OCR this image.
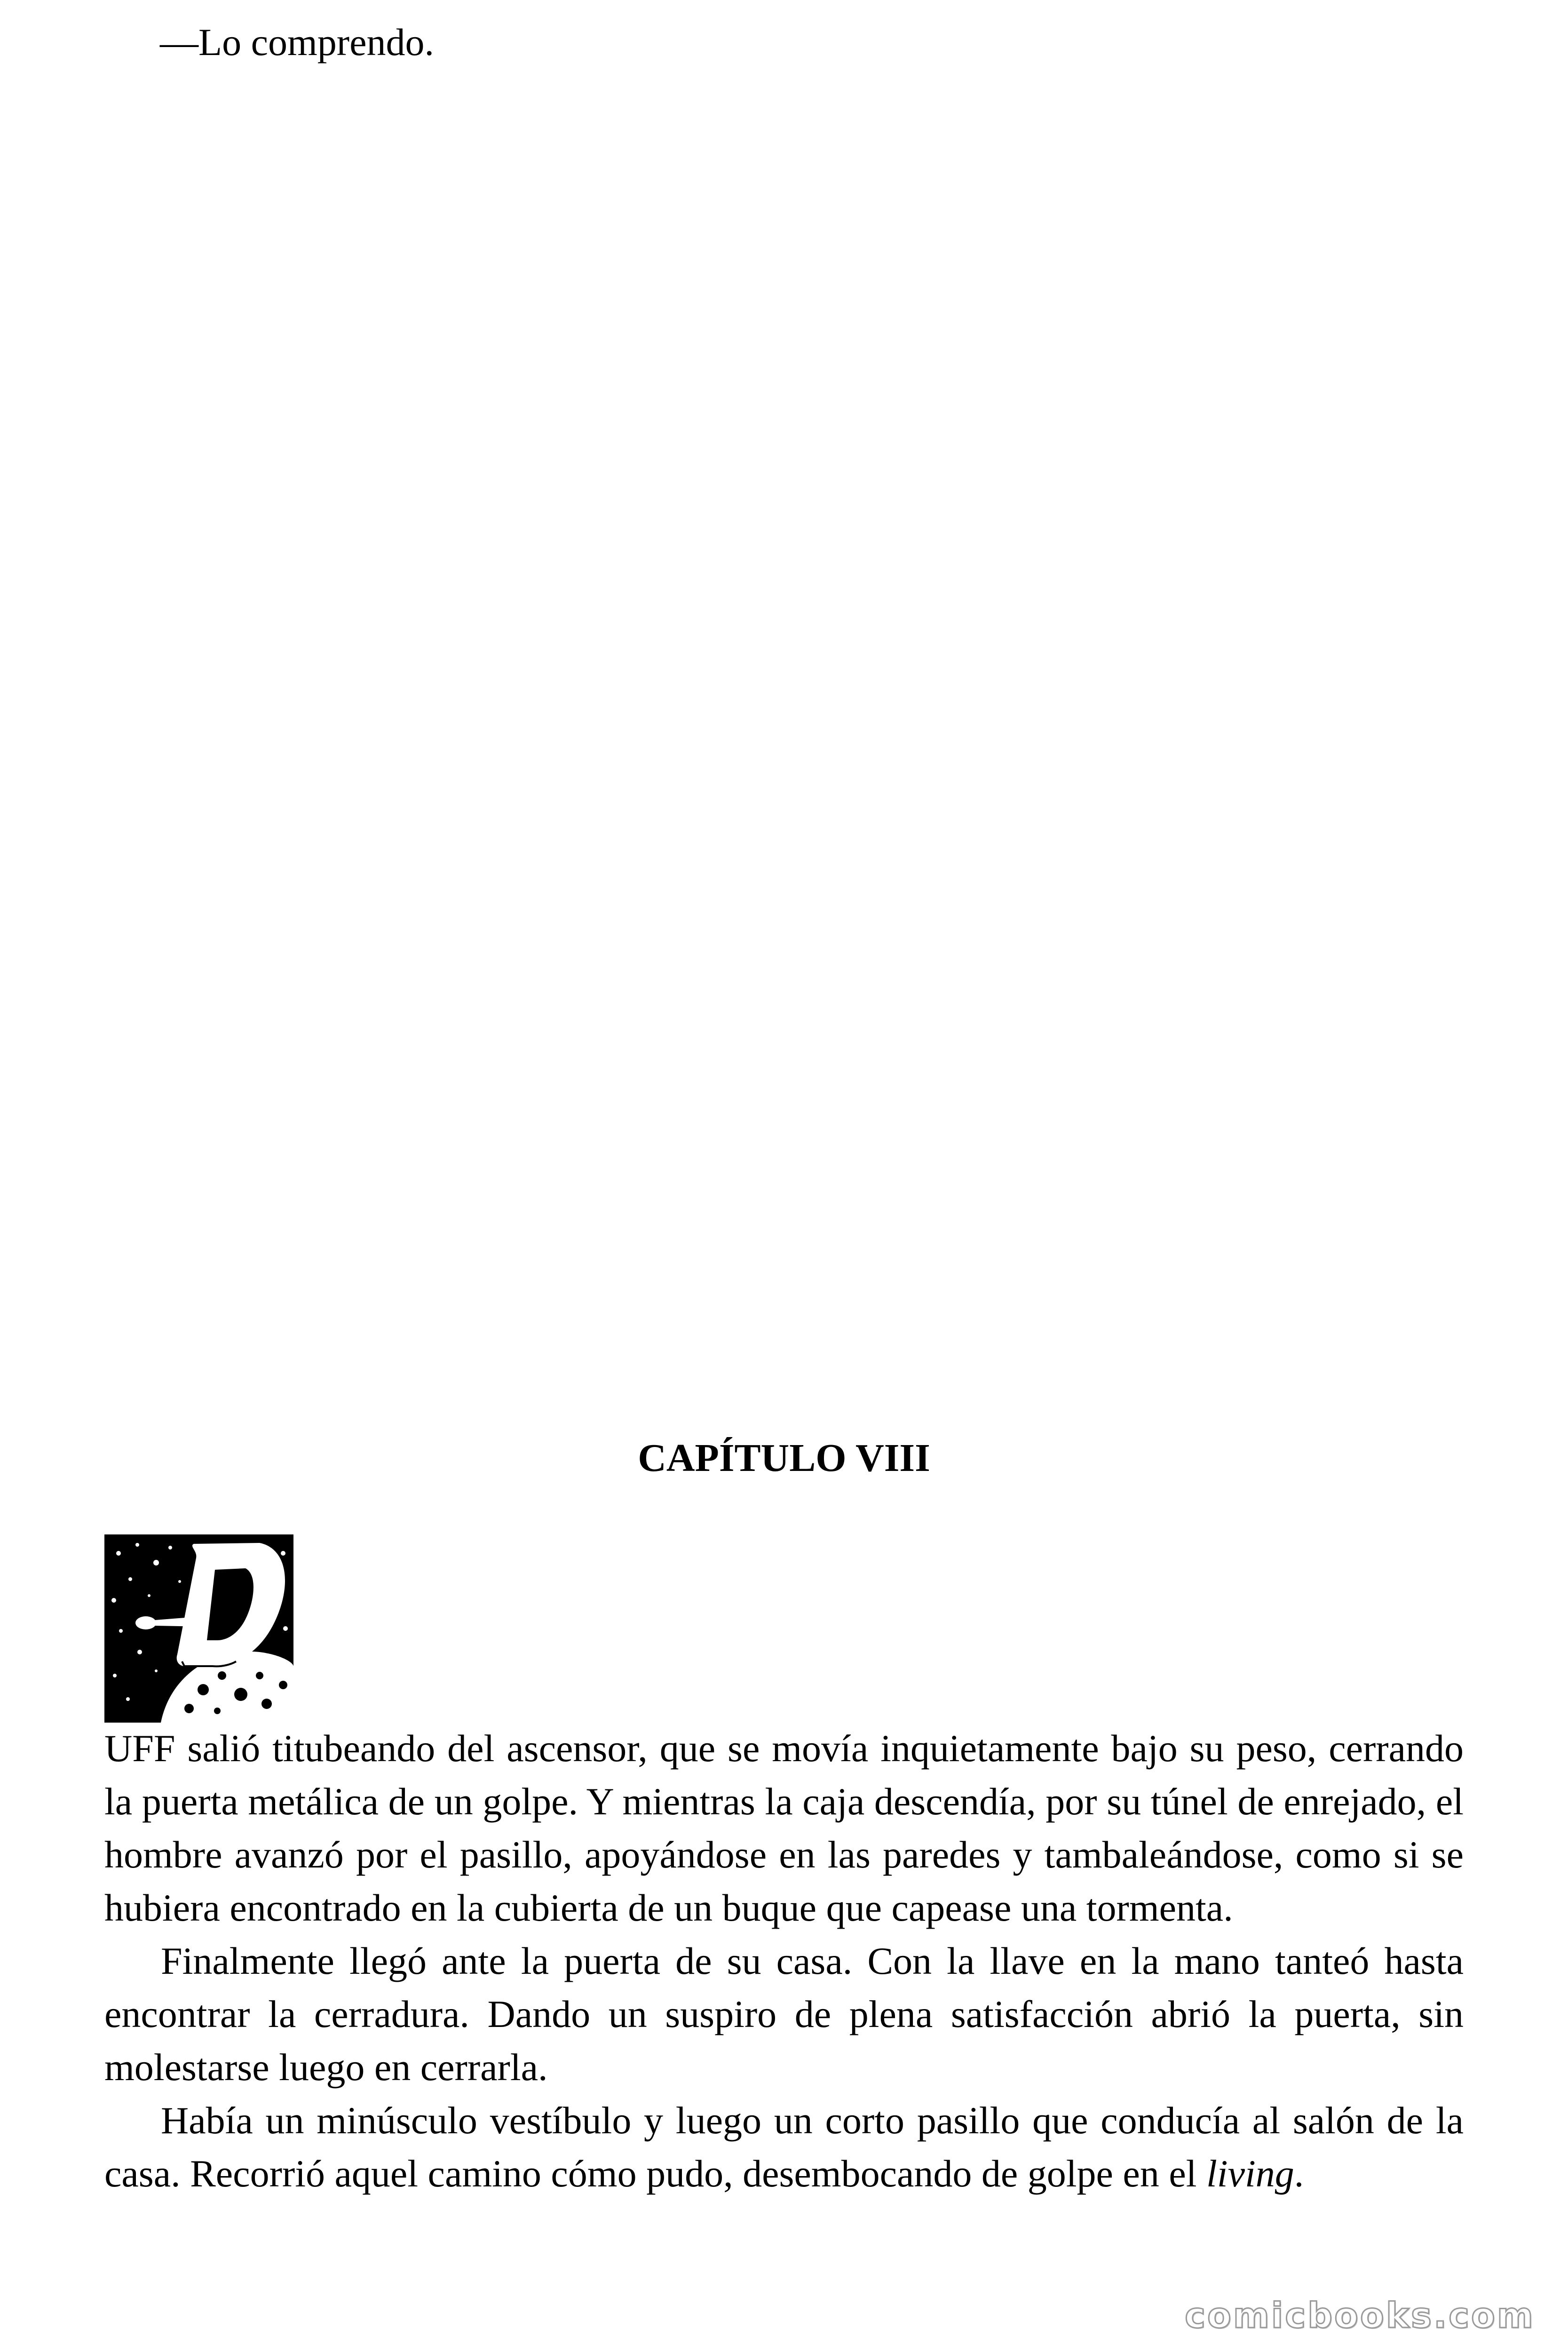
—Lo comprendo.
CAPÍTULO VIII

UFF salió titubeando del ascensor, que se movía inquietamente bajo su peso, cerrando la puerta metálica de un golpe. Y mientras la caja descendía, por su túnel de enrejado, el hombre avanzó por el pasillo, apoyándose en las paredes y tambaleándose, como si se hubiera encontrado en la cubierta de un buque que capease una tormenta.

Finalmente llegó ante la puerta de su casa. Con la llave en la mano tanteó hasta encontrar la cerradura. Dando un suspiro de plena satisfacción abrió la puerta, sin molestarse luego en cerrarla.

Había un minúsculo vestíbulo y luego un corto pasillo que conducía al salón de la casa. Recorrió aquel camino cómo pudo, desembocando de golpe en el living.

comicbooks.com
